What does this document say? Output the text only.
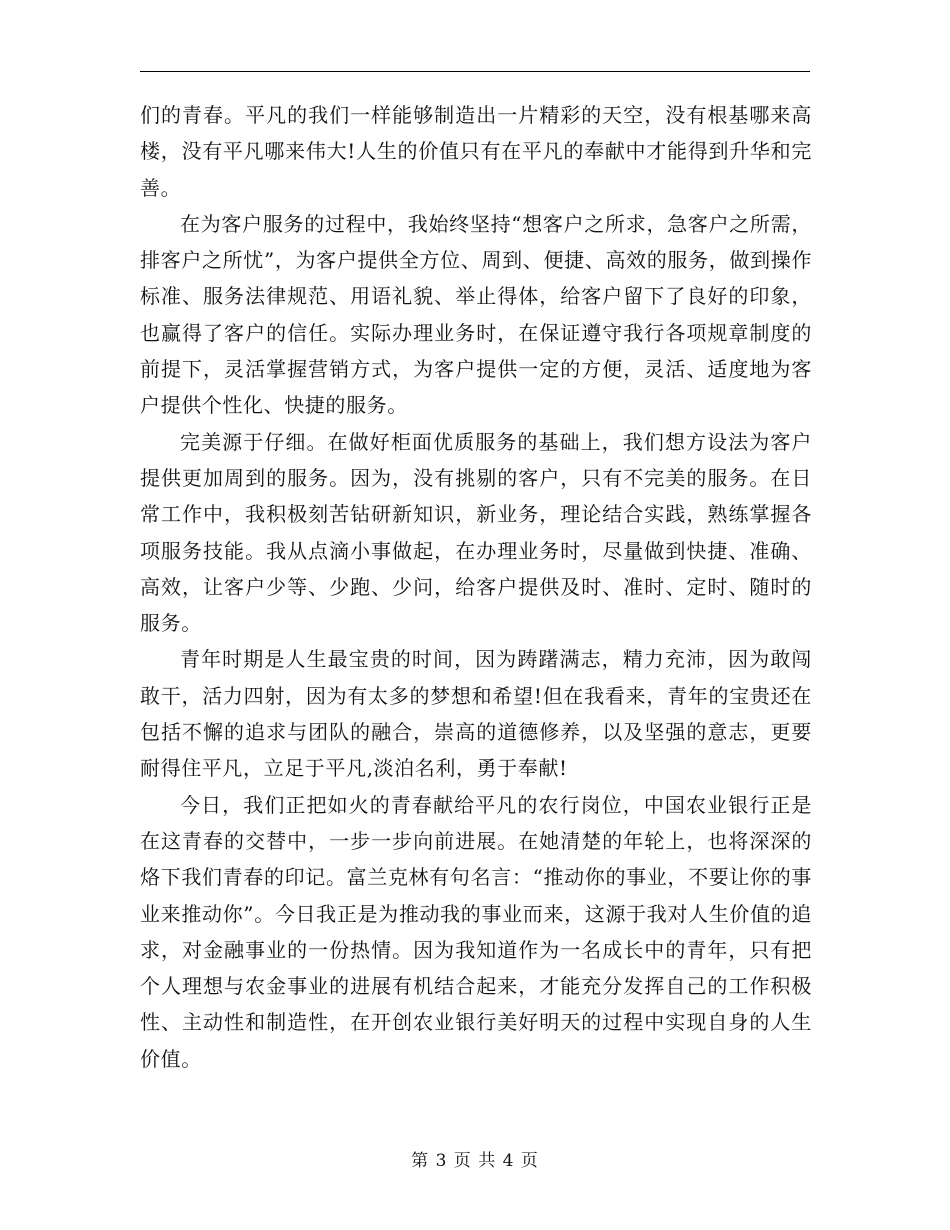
们的青春。平凡的我们一样能够制造出一片精彩的天空，没有根基哪来高楼，没有平凡哪来伟大!人生的价值只有在平凡的奉献中才能得到升华和完善。

在为客户服务的过程中，我始终坚持“想客户之所求，急客户之所需，排客户之所忧”，为客户提供全方位、周到、便捷、高效的服务，做到操作标准、服务法律规范、用语礼貌、举止得体，给客户留下了良好的印象，也赢得了客户的信任。实际办理业务时，在保证遵守我行各项规章制度的前提下，灵活掌握营销方式，为客户提供一定的方便，灵活、适度地为客户提供个性化、快捷的服务。

完美源于仔细。在做好柜面优质服务的基础上，我们想方设法为客户提供更加周到的服务。因为，没有挑剔的客户，只有不完美的服务。在日常工作中，我积极刻苦钻研新知识，新业务，理论结合实践，熟练掌握各项服务技能。我从点滴小事做起，在办理业务时，尽量做到快捷、准确、高效，让客户少等、少跑、少问，给客户提供及时、准时、定时、随时的服务。

青年时期是人生最宝贵的时间，因为踌躇满志，精力充沛，因为敢闯敢干，活力四射，因为有太多的梦想和希望!但在我看来，青年的宝贵还在包括不懈的追求与团队的融合，崇高的道德修养，以及坚强的意志，更要耐得住平凡，立足于平凡,淡泊名利，勇于奉献!

今日，我们正把如火的青春献给平凡的农行岗位，中国农业银行正是在这青春的交替中，一步一步向前进展。在她清楚的年轮上，也将深深的烙下我们青春的印记。富兰克林有句名言：“推动你的事业，不要让你的事业来推动你”。今日我正是为推动我的事业而来，这源于我对人生价值的追求，对金融事业的一份热情。因为我知道作为一名成长中的青年，只有把个人理想与农金事业的进展有机结合起来，才能充分发挥自己的工作积极性、主动性和制造性，在开创农业银行美好明天的过程中实现自身的人生价值。

第 3 页 共 4 页
